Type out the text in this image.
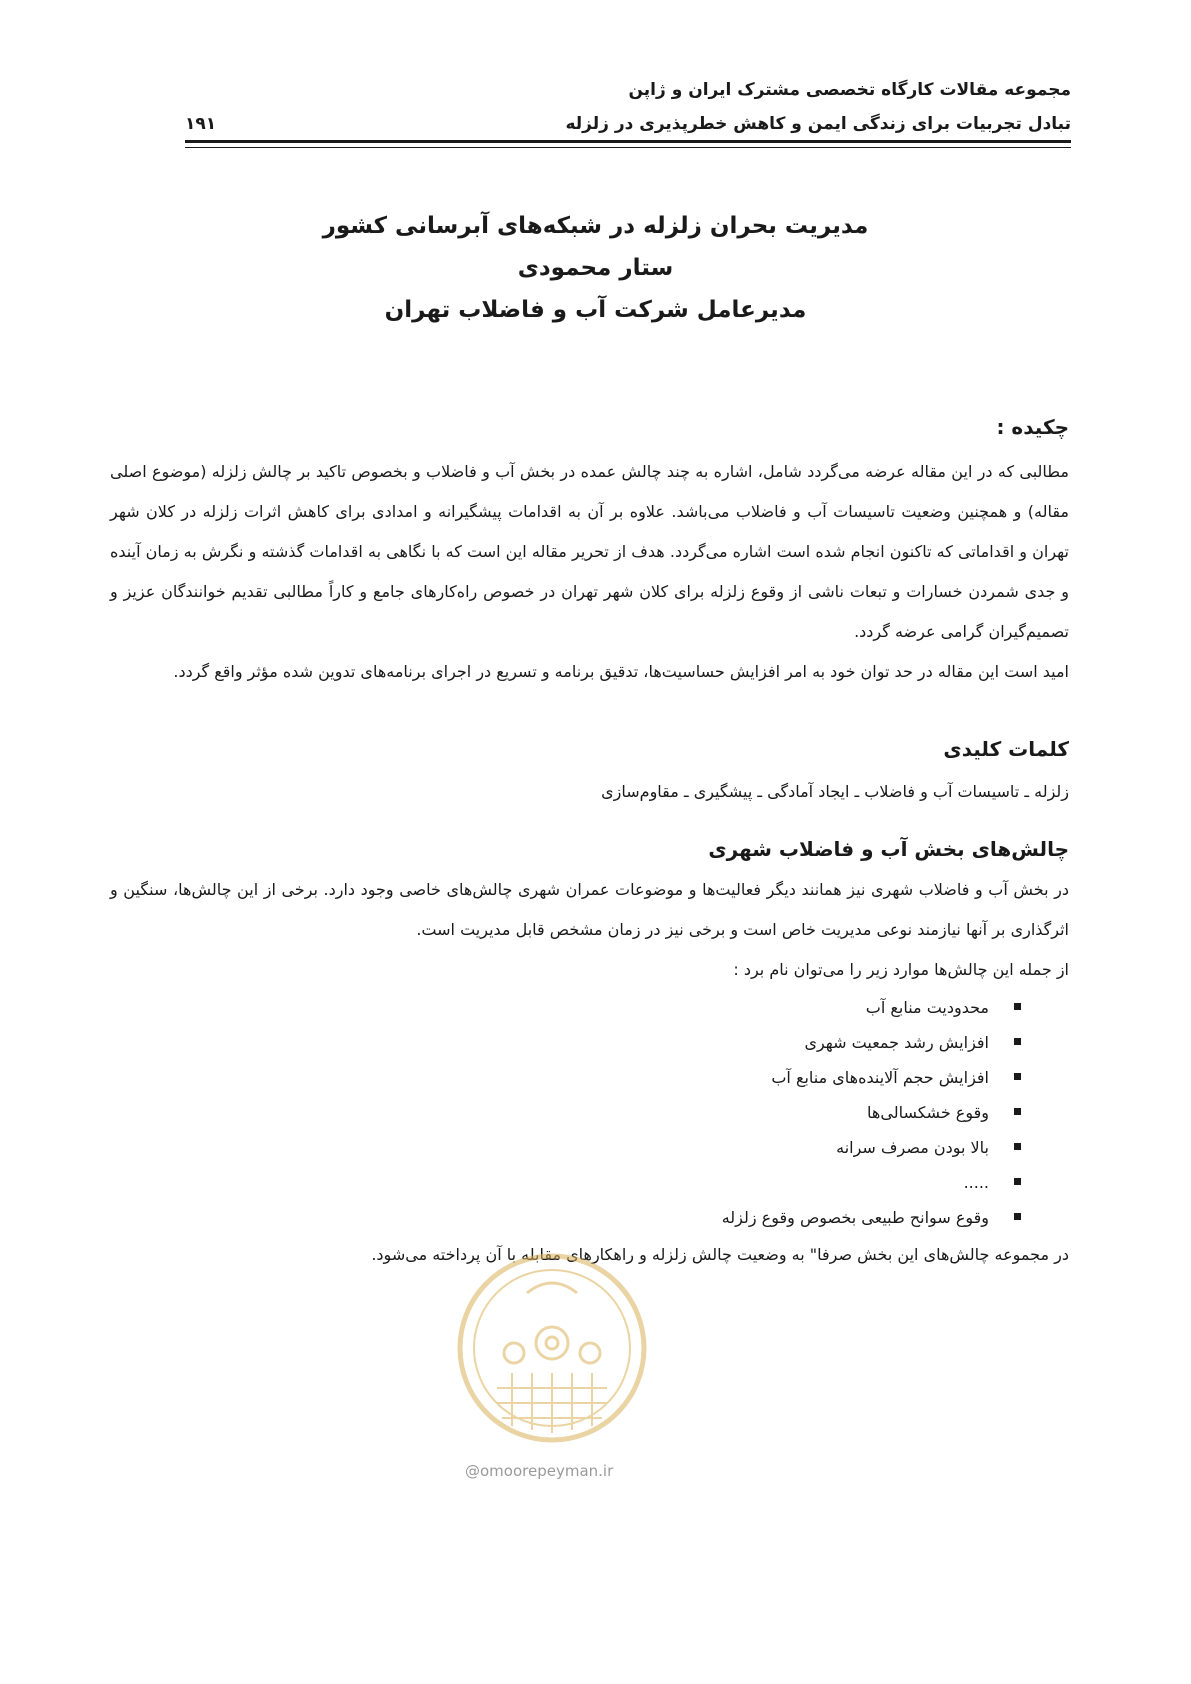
مجموعه مقالات کارگاه تخصصی مشترک ایران و ژاپن
تبادل تجربیات برای زندگی ایمن و کاهش خطرپذیری در زلزله
۱۹۱
مدیریت بحران زلزله در شبکه‌های آبرسانی کشور
ستار محمودی
مدیرعامل شرکت آب و فاضلاب تهران
چکیده :

مطالبی که در این مقاله عرضه می‌گردد شامل، اشاره به چند چالش عمده در بخش آب و فاضلاب و بخصوص تاکید بر چالش زلزله (موضوع اصلی مقاله) و همچنین وضعیت تاسیسات آب و فاضلاب می‌باشد. علاوه بر آن به اقدامات پیشگیرانه و امدادی برای کاهش اثرات زلزله در کلان شهر تهران و اقداماتی که تاکنون انجام شده است اشاره می‌گردد. هدف از تحریر مقاله این است که با نگاهی به اقدامات گذشته و نگرش به زمان آینده و جدی شمردن خسارات و تبعات ناشی از وقوع زلزله برای کلان شهر تهران در خصوص راه‌کارهای جامع و کاراً مطالبی تقدیم خوانندگان عزیز و تصمیم‌گیران گرامی عرضه گردد.

امید است این مقاله در حد توان خود به امر افزایش حساسیت‌ها، تدقیق برنامه و تسریع در اجرای برنامه‌های تدوین شده مؤثر واقع گردد.

کلمات کلیدی

زلزله ـ تاسیسات آب و فاضلاب ـ ایجاد آمادگی ـ پیشگیری ـ مقاوم‌سازی

چالش‌های بخش آب و فاضلاب شهری

در بخش آب و فاضلاب شهری نیز همانند دیگر فعالیت‌ها و موضوعات عمران شهری چالش‌های خاصی وجود دارد. برخی از این چالش‌ها، سنگین و اثرگذاری بر آنها نیازمند نوعی مدیریت خاص است و برخی نیز در زمان مشخص قابل مدیریت است.

از جمله این چالش‌ها موارد زیر را می‌توان نام برد :

محدودیت منابع آب
افزایش رشد جمعیت شهری
افزایش حجم آلاینده‌های منابع آب
وقوع خشکسالی‌ها
بالا بودن مصرف سرانه
.....
وقوع سوانح طبیعی بخصوص وقوع زلزله

در مجموعه چالش‌های این بخش صرفا" به وضعیت چالش زلزله و راهکارهای مقابله با آن پرداخته می‌شود.

@omoorepeyman.ir
